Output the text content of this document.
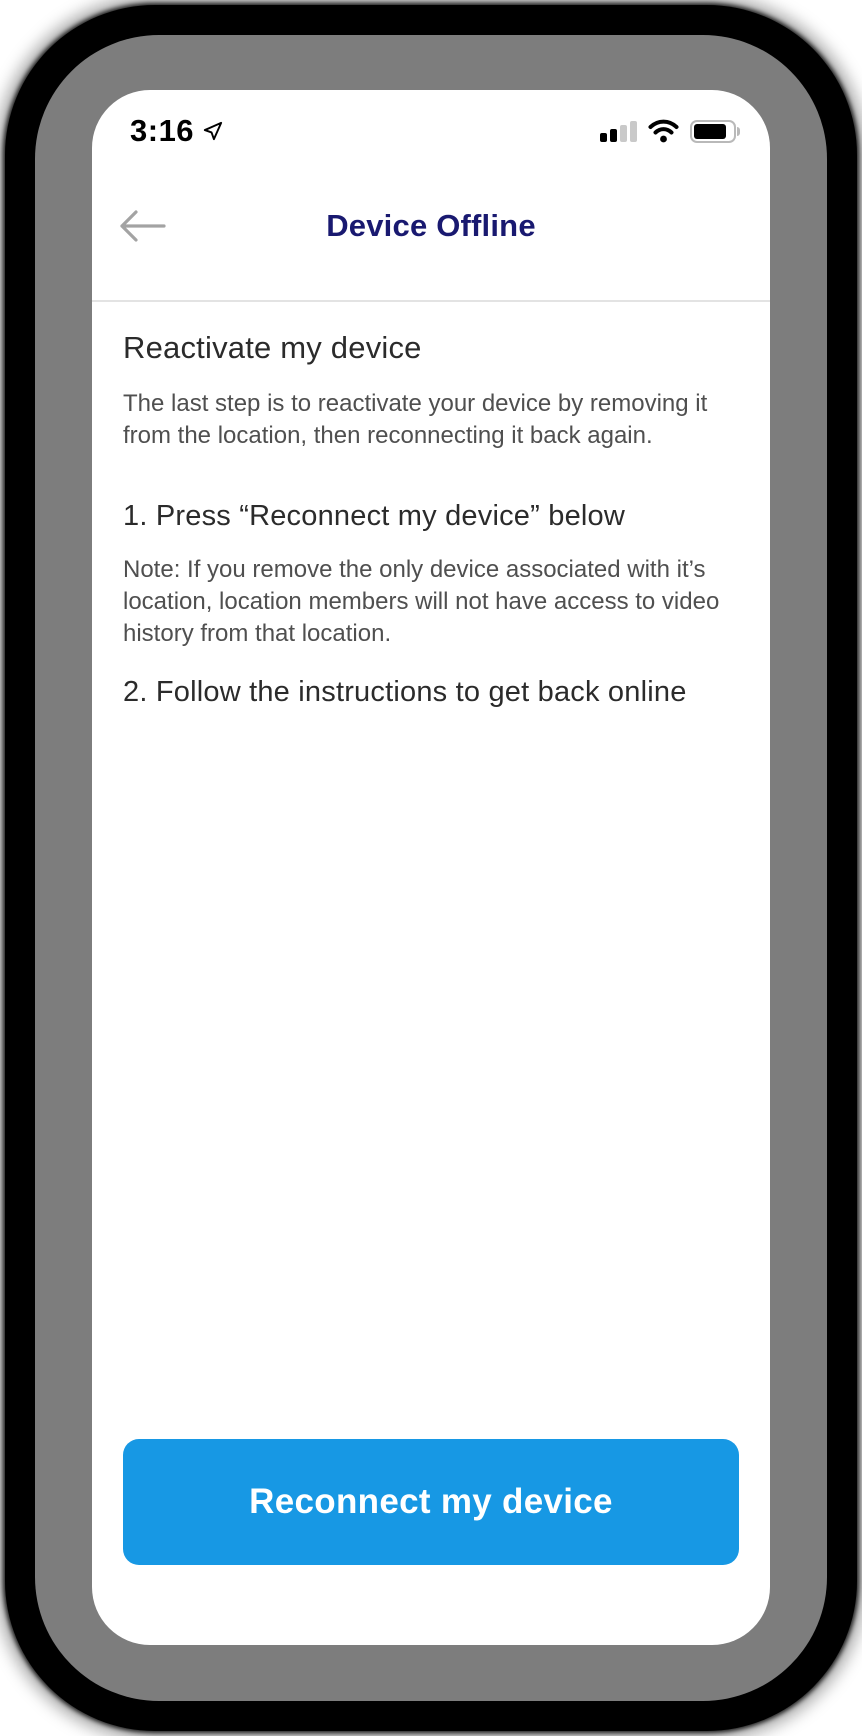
3:16
Device Offline
Reactivate my device

The last step is to reactivate your device by removing it from the location, then reconnecting it back again.

1. Press “Reconnect my device” below

Note: If you remove the only device associated with it’s location, location members will not have access to video history from that location.

2. Follow the instructions to get back online
Reconnect my device
